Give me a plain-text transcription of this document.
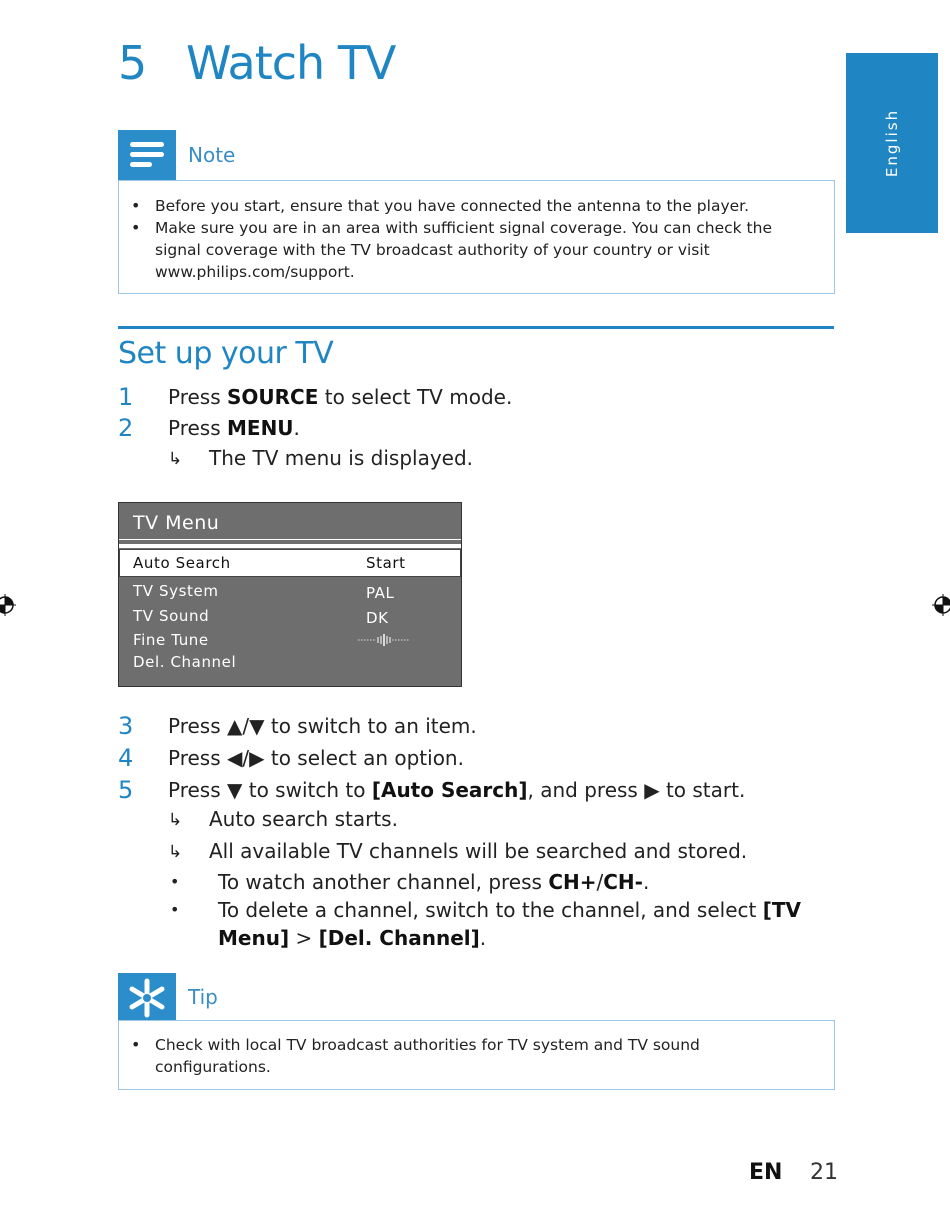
5 Watch TV
English
Note
• Before you start, ensure that you have connected the antenna to the player.
• Make sure you are in an area with sufficient signal coverage. You can check the signal coverage with the TV broadcast authority of your country or visit www.philips.com/support.
Set up your TV
1	Press SOURCE to select TV mode.
2	Press MENU.
↳ The TV menu is displayed.
TV Menu
Auto Search	Start
TV System	PAL
TV Sound	DK
Fine Tune
Del. Channel
3	Press ▲/▼ to switch to an item.
4	Press ◀/▶ to select an option.
5	Press ▼ to switch to [Auto Search], and press ▶ to start.
↳ Auto search starts.
↳ All available TV channels will be searched and stored.
• To watch another channel, press CH+/CH-.
• To delete a channel, switch to the channel, and select [TV
Menu] > [Del. Channel].
Tip
• Check with local TV broadcast authorities for TV system and TV sound configurations.
EN 21
